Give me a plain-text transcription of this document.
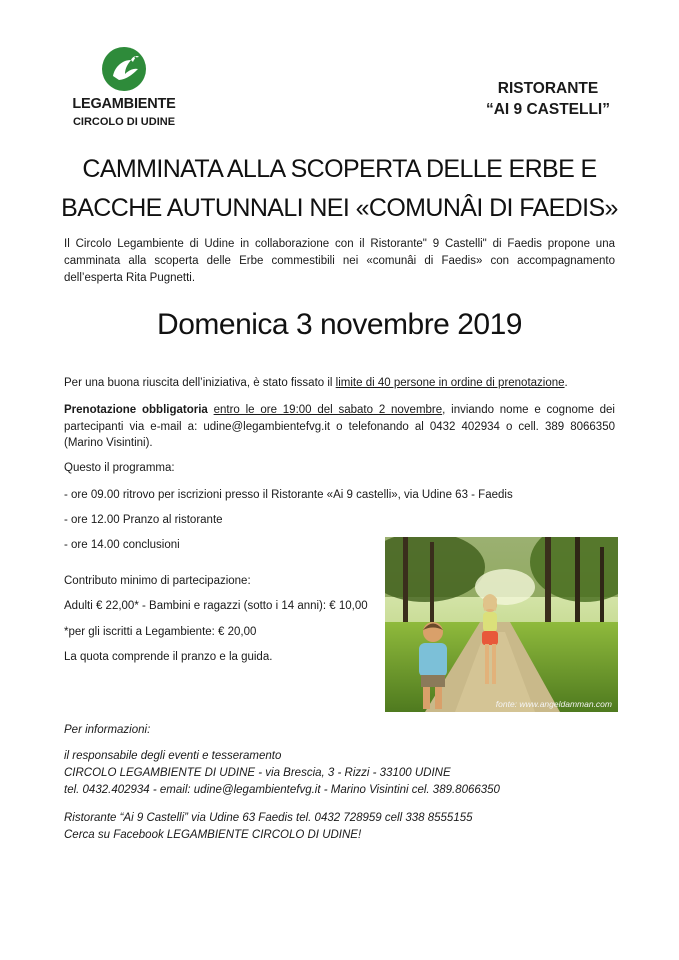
LEGAMBIENTE
CIRCOLO DI UDINE
RISTORANTE
“AI 9 CASTELLI”
CAMMINATA ALLA SCOPERTA DELLE ERBE E
BACCHE AUTUNNALI NEI «COMUNÂI DI FAEDIS»
Il Circolo Legambiente di Udine in collaborazione con il Ristorante" 9 Castelli" di Faedis propone una camminata alla scoperta delle Erbe commestibili nei «comunâi di Faedis» con accompagnamento dell’esperta Rita Pugnetti.
Domenica 3 novembre 2019
Per una buona riuscita dell’iniziativa, è stato fissato il limite di 40 persone in ordine di prenotazione.
Prenotazione obbligatoria entro le ore 19:00 del sabato 2 novembre, inviando nome e cognome dei partecipanti via e-mail a: udine@legambientefvg.it o telefonando al 0432 402934 o cell. 389 8066350 (Marino Visintini).
Questo il programma:
- ore 09.00 ritrovo per iscrizioni presso il Ristorante «Ai 9 castelli», via Udine 63 - Faedis
- ore 12.00 Pranzo al ristorante
- ore 14.00 conclusioni
Contributo minimo di partecipazione:
Adulti € 22,00* - Bambini e ragazzi (sotto i 14 anni): € 10,00
*per gli iscritti a Legambiente: € 20,00
La quota comprende il pranzo e la guida.
fonte: www.angeldamman.com
Per informazioni:
il responsabile degli eventi e tesseramento
CIRCOLO LEGAMBIENTE DI UDINE - via Brescia, 3 - Rizzi - 33100 UDINE
tel. 0432.402934 - email: udine@legambientefvg.it - Marino Visintini cel. 389.8066350
Ristorante “Ai 9 Castelli” via Udine 63 Faedis tel. 0432 728959 cell 338 8555155
Cerca su Facebook LEGAMBIENTE CIRCOLO DI UDINE!
